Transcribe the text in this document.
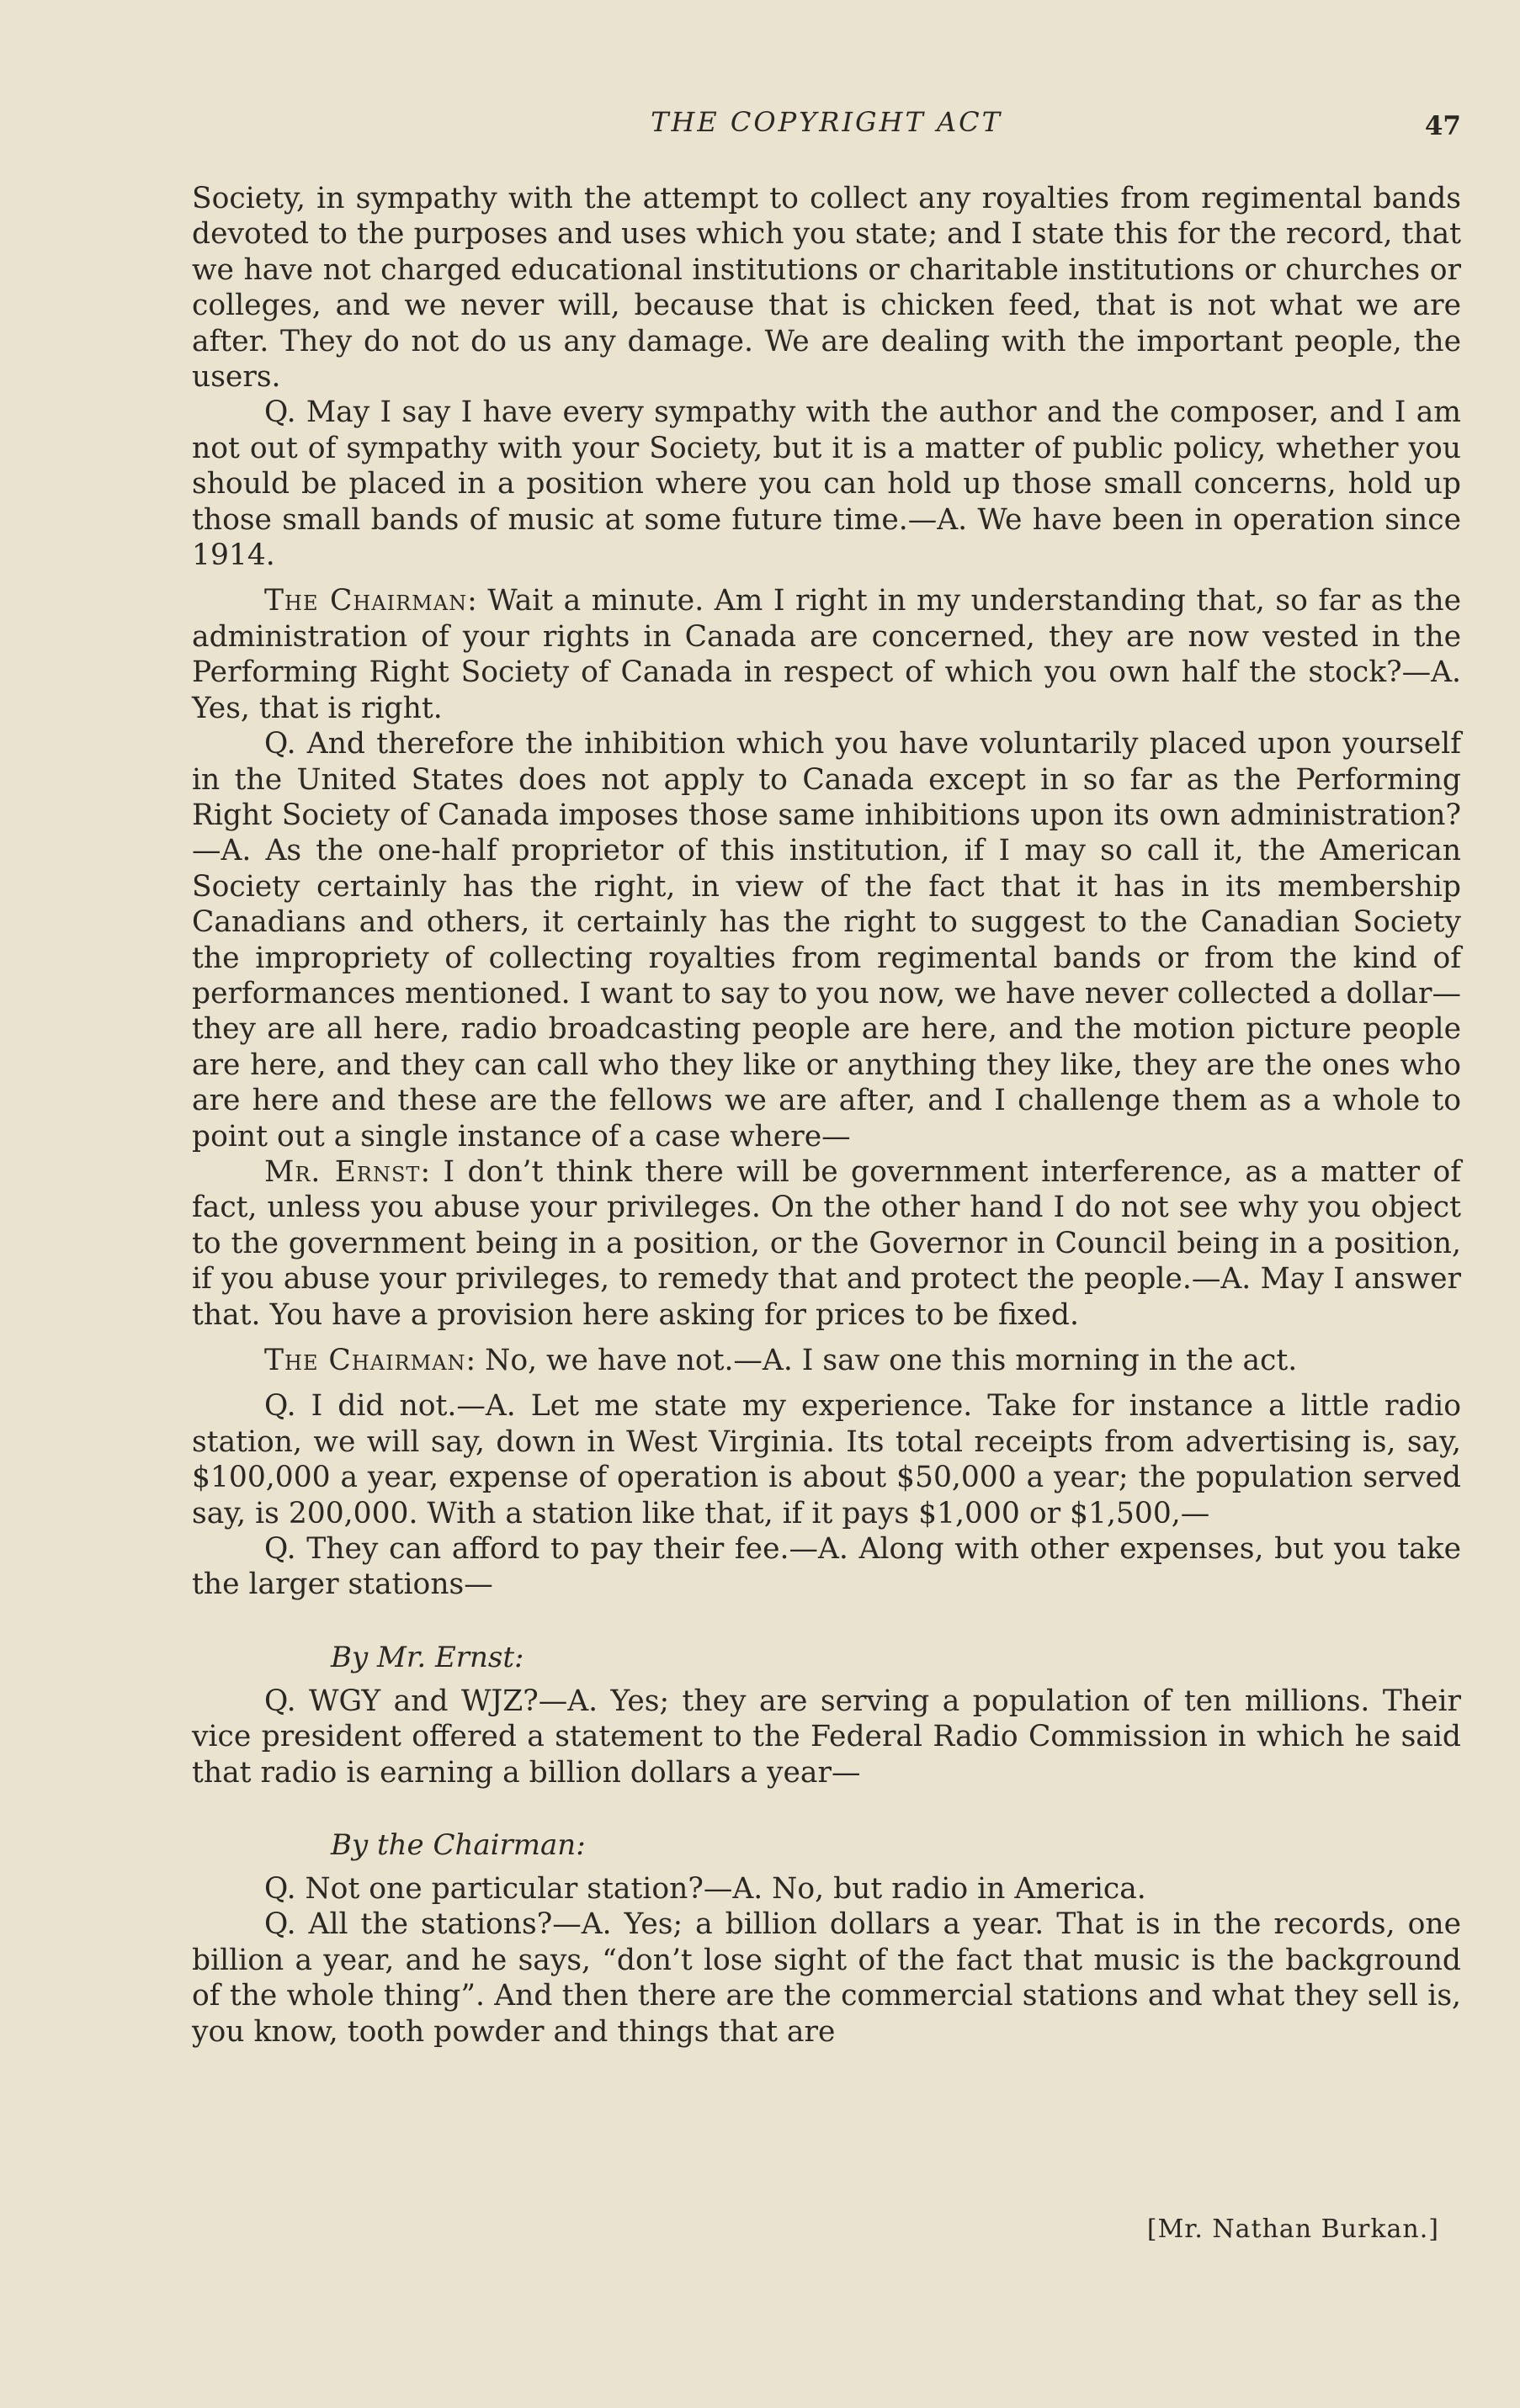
THE COPYRIGHT ACT	47

Society, in sympathy with the attempt to collect any royalties from regimental bands devoted to the purposes and uses which you state; and I state this for the record, that we have not charged educational institutions or charitable institutions or churches or colleges, and we never will, because that is chicken feed, that is not what we are after. They do not do us any damage. We are dealing with the important people, the users.

Q. May I say I have every sympathy with the author and the composer, and I am not out of sympathy with your Society, but it is a matter of public policy, whether you should be placed in a position where you can hold up those small concerns, hold up those small bands of music at some future time.—A. We have been in operation since 1914.

The Chairman: Wait a minute. Am I right in my understanding that, so far as the administration of your rights in Canada are concerned, they are now vested in the Performing Right Society of Canada in respect of which you own half the stock?—A. Yes, that is right.

Q. And therefore the inhibition which you have voluntarily placed upon yourself in the United States does not apply to Canada except in so far as the Performing Right Society of Canada imposes those same inhibitions upon its own administration?—A. As the one-half proprietor of this institution, if I may so call it, the American Society certainly has the right, in view of the fact that it has in its membership Canadians and others, it certainly has the right to suggest to the Canadian Society the impropriety of collecting royalties from regimental bands or from the kind of performances mentioned. I want to say to you now, we have never collected a dollar—they are all here, radio broadcasting people are here, and the motion picture people are here, and they can call who they like or anything they like, they are the ones who are here and these are the fellows we are after, and I challenge them as a whole to point out a single instance of a case where—

Mr. Ernst: I don’t think there will be government interference, as a matter of fact, unless you abuse your privileges. On the other hand I do not see why you object to the government being in a position, or the Governor in Council being in a position, if you abuse your privileges, to remedy that and protect the people.—A. May I answer that. You have a provision here asking for prices to be fixed.

The Chairman: No, we have not.—A. I saw one this morning in the act.

Q. I did not.—A. Let me state my experience. Take for instance a little radio station, we will say, down in West Virginia. Its total receipts from advertising is, say, $100,000 a year, expense of operation is about $50,000 a year; the population served say, is 200,000. With a station like that, if it pays $1,000 or $1,500,—

Q. They can afford to pay their fee.—A. Along with other expenses, but you take the larger stations—

By Mr. Ernst:

Q. WGY and WJZ?—A. Yes; they are serving a population of ten millions. Their vice president offered a statement to the Federal Radio Commission in which he said that radio is earning a billion dollars a year—

By the Chairman:

Q. Not one particular station?—A. No, but radio in America.

Q. All the stations?—A. Yes; a billion dollars a year. That is in the records, one billion a year, and he says, “don’t lose sight of the fact that music is the background of the whole thing”. And then there are the commercial stations and what they sell is, you know, tooth powder and things that are

[Mr. Nathan Burkan.]
